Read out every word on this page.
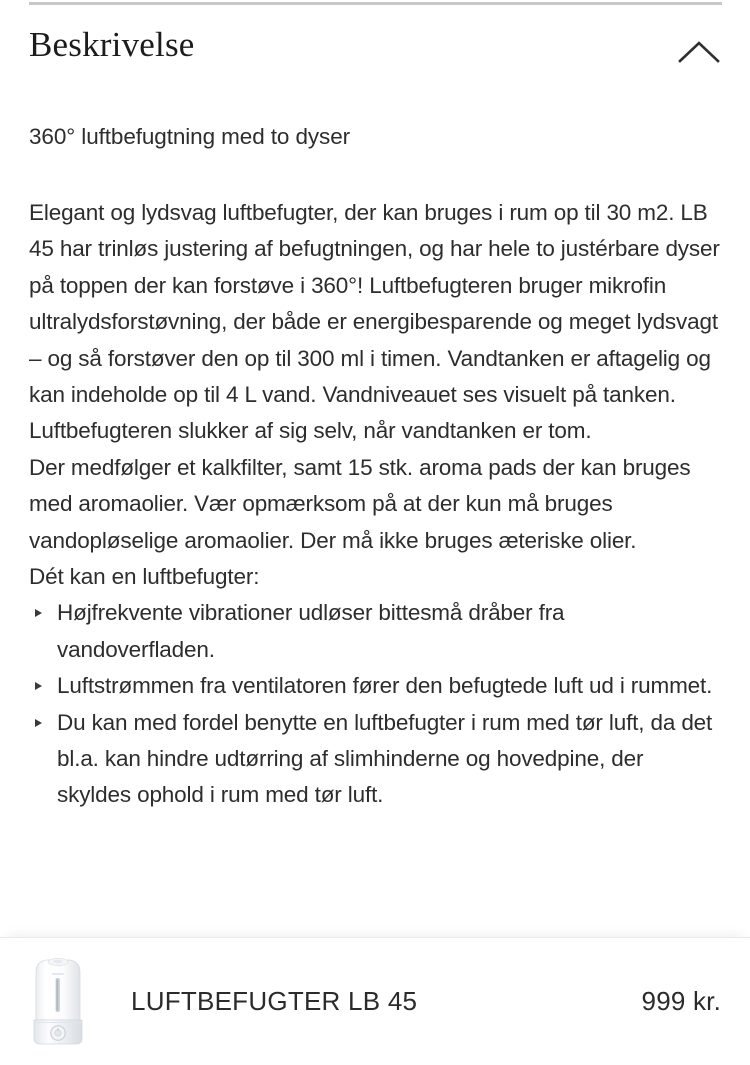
Beskrivelse

360° luftbefugtning med to dyser

Elegant og lydsvag luftbefugter, der kan bruges i rum op til 30 m2. LB 45 har trinløs justering af befugtningen, og har hele to justérbare dyser på toppen der kan forstøve i 360°! Luftbefugteren bruger mikrofin ultralydsforstøvning, der både er energibesparende og meget lydsvagt – og så forstøver den op til 300 ml i timen. Vandtanken er aftagelig og kan indeholde op til 4 L vand. Vandniveauet ses visuelt på tanken. Luftbefugteren slukker af sig selv, når vandtanken er tom.

Der medfølger et kalkfilter, samt 15 stk. aroma pads der kan bruges med aromaolier. Vær opmærksom på at der kun må bruges vandopløselige aromaolier. Der må ikke bruges æteriske olier.

Dét kan en luftbefugter:

Højfrekvente vibrationer udløser bittesmå dråber fra vandoverfladen.
Luftstrømmen fra ventilatoren fører den befugtede luft ud i rummet.
Du kan med fordel benytte en luftbefugter i rum med tør luft, da det bl.a. kan hindre udtørring af slimhinderne og hovedpine, der skyldes ophold i rum med tør luft.
LUFTBEFUGTER LB 45	999 kr.
